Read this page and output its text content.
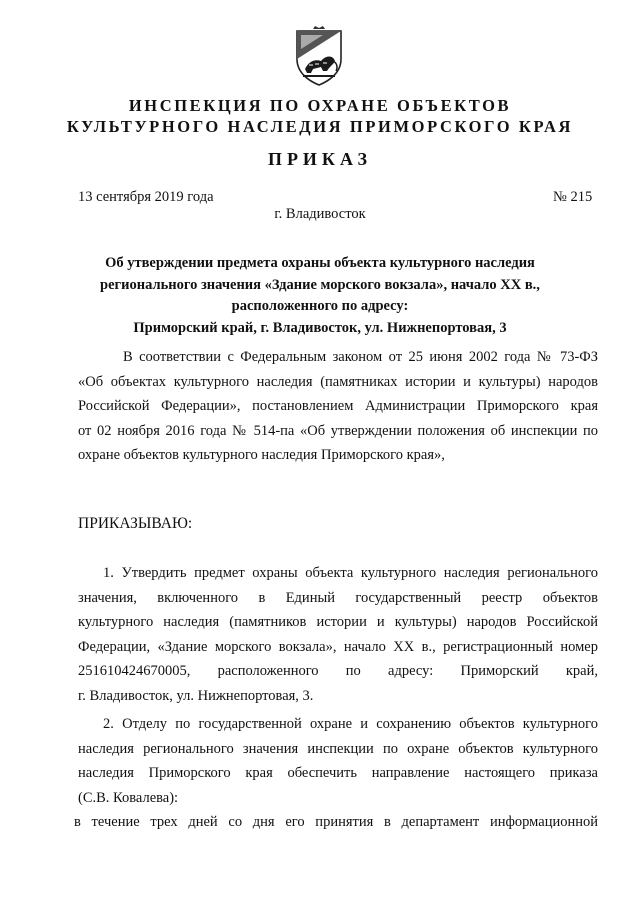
ИНСПЕКЦИЯ ПО ОХРАНЕ ОБЪЕКТОВ
КУЛЬТУРНОГО НАСЛЕДИЯ ПРИМОРСКОГО КРАЯ
ПРИКАЗ
13 сентября 2019 года	№ 215
г. Владивосток
Об утверждении предмета охраны объекта культурного наследия
регионального значения «Здание морского вокзала», начало XX в.,
расположенного по адресу:
Приморский край, г. Владивосток, ул. Нижнепортовая, 3
В соответствии с Федеральным законом от 25 июня 2002 года № 73-ФЗ
«Об объектах культурного наследия (памятниках истории и культуры) народов
Российской Федерации», постановлением Администрации Приморского края
от 02 ноября 2016 года № 514-па «Об утверждении положения об инспекции по
охране объектов культурного наследия Приморского края»,
ПРИКАЗЫВАЮ:
1. Утвердить предмет охраны объекта культурного наследия регионального
значения, включенного в Единый государственный реестр объектов
культурного наследия (памятников истории и культуры) народов Российской
Федерации, «Здание морского вокзала», начало XX в., регистрационный номер
251610424670005, расположенного по адресу: Приморский край,
г. Владивосток, ул. Нижнепортовая, 3.
2. Отделу по государственной охране и сохранению объектов культурного
наследия регионального значения инспекции по охране объектов культурного
наследия Приморского края обеспечить направление настоящего приказа
(С.В. Ковалева):
в течение трех дней со дня его принятия в департамент информационной
